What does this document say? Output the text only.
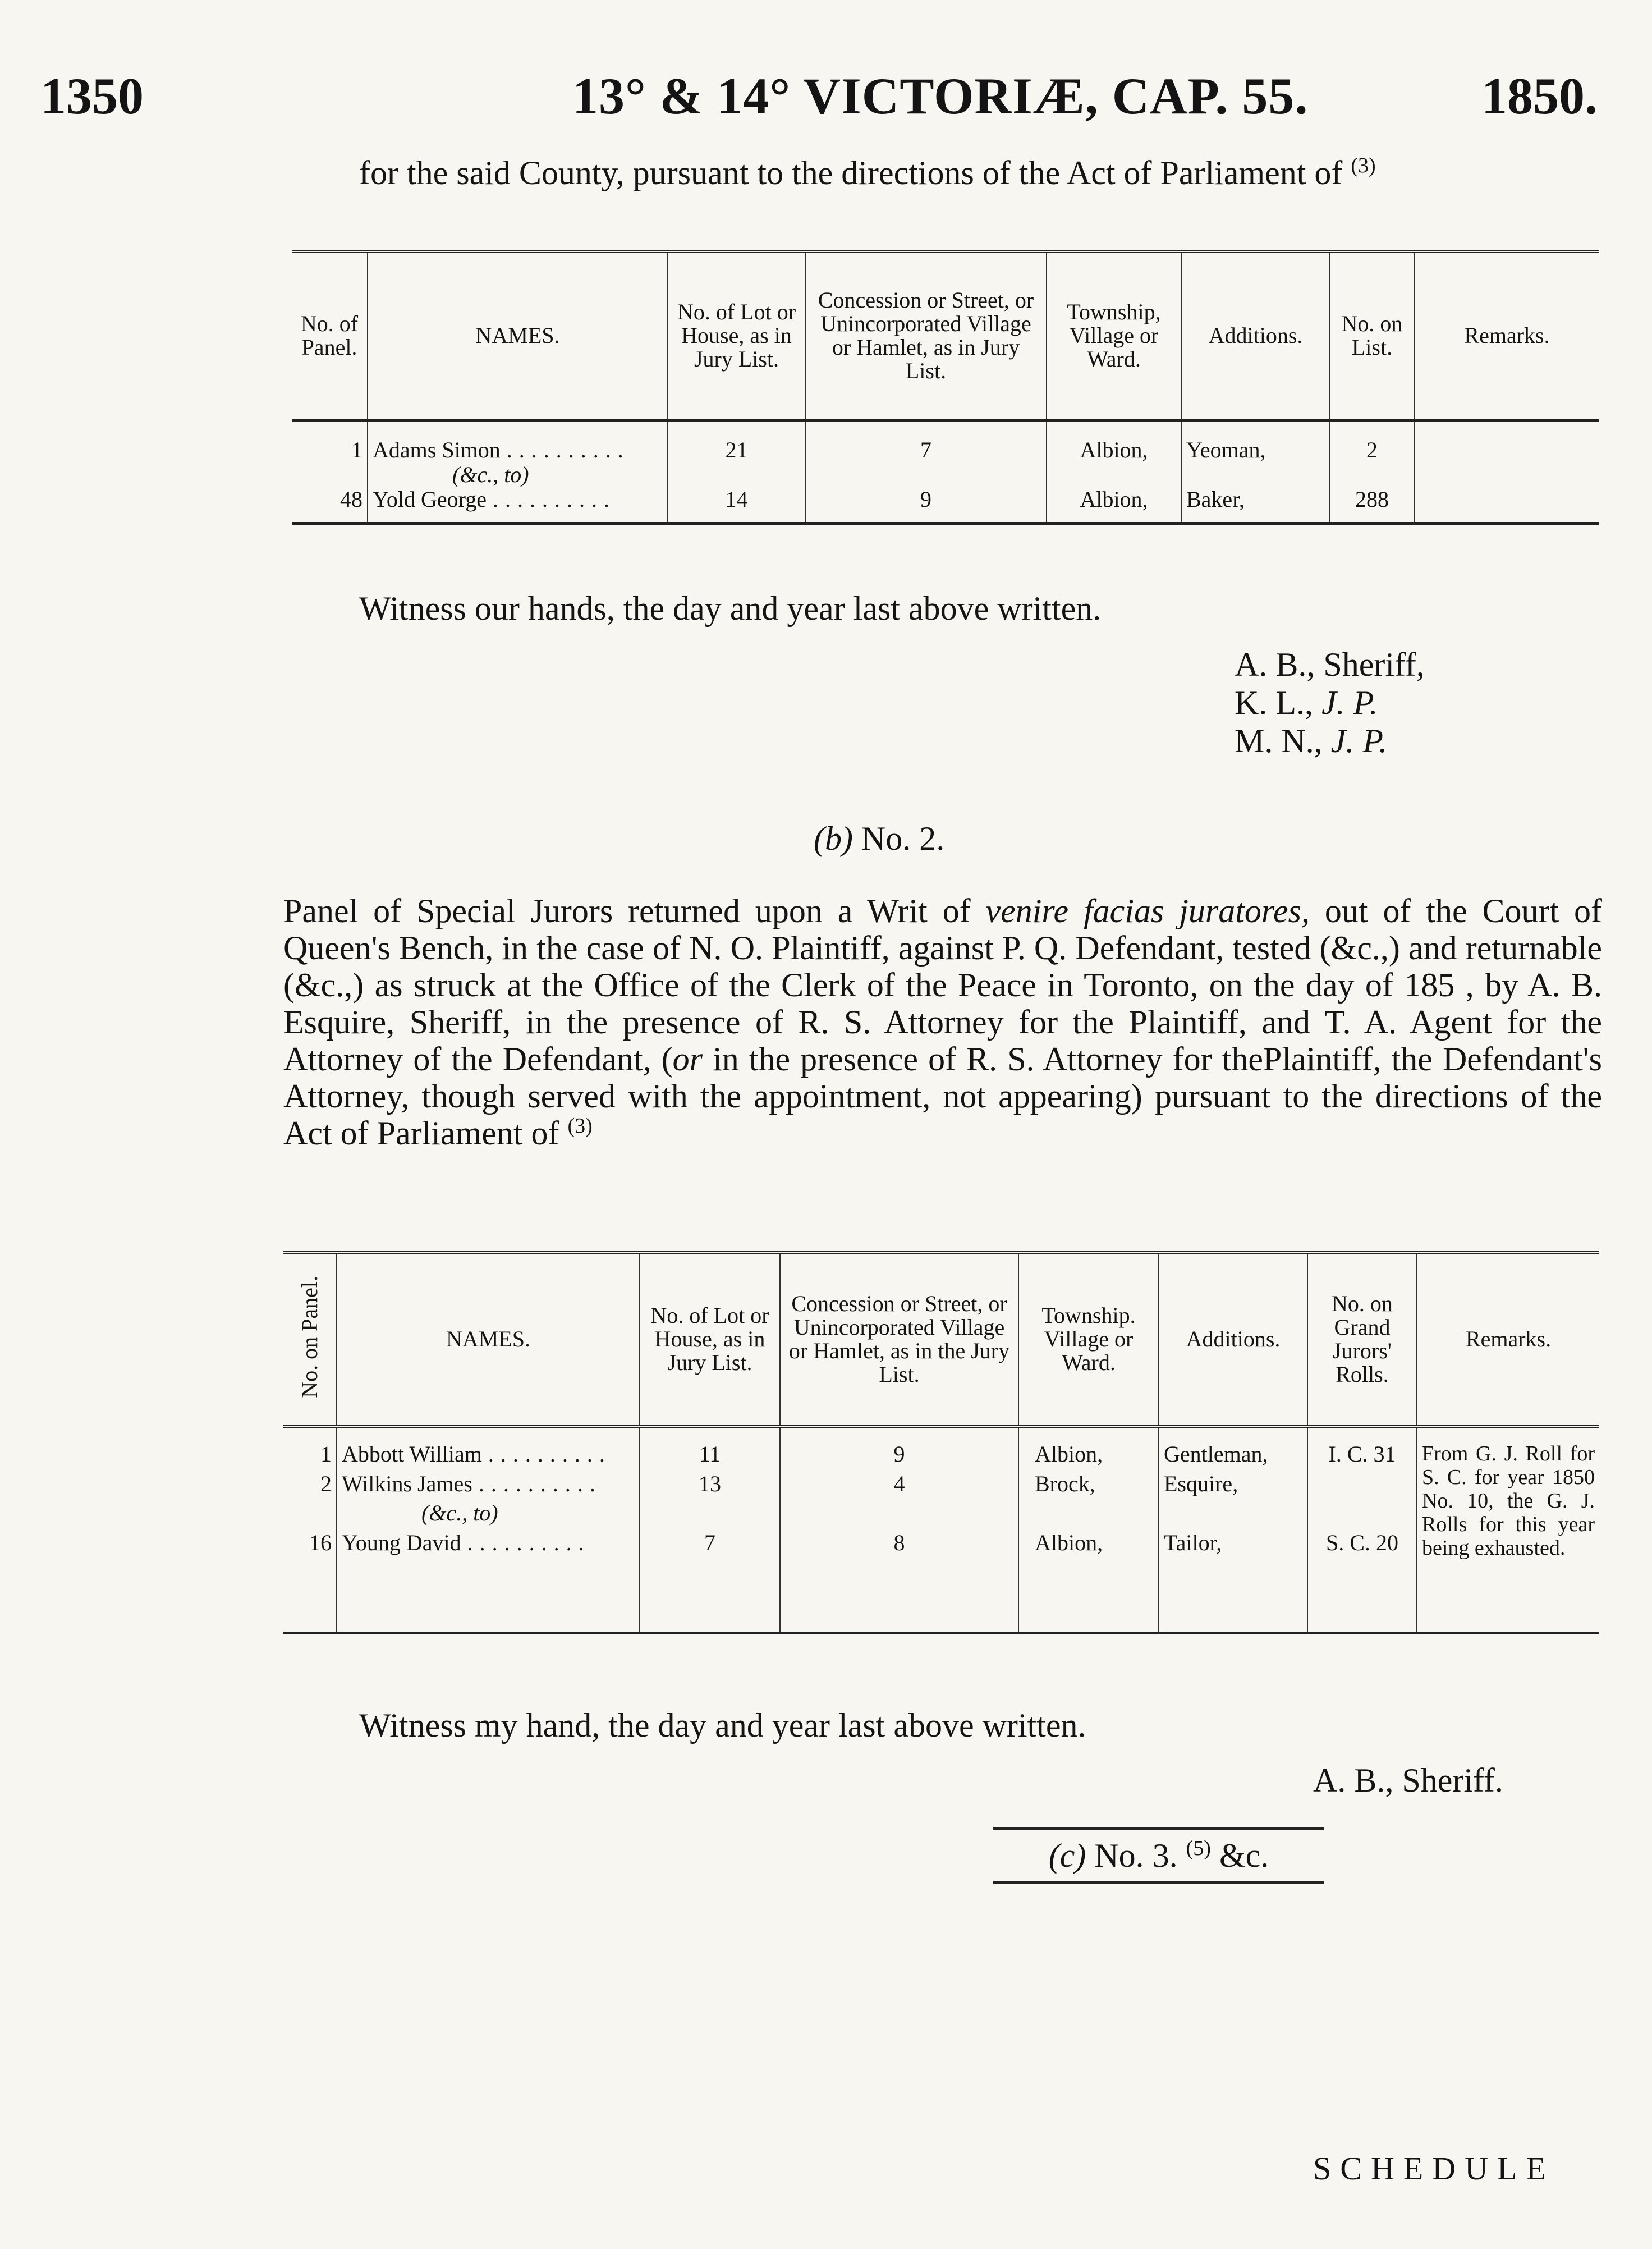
1350	13° & 14° VICTORIÆ, CAP. 55.	1850.
for the said County, pursuant to the directions of the Act of Parliament of $^{(3)}$
No. of Panel.	NAMES.	No. of Lot or House, as in Jury List.	Concession or Street, or Unincorporated Village or Hamlet, as in Jury List.	Township, Village or Ward.	Additions.	No. on List.	Remarks.

1	Adams Simon . . .	21	7	Albion,	Yeoman,	2	
	(&c., to)						
48	Yold George . . .	14	9	Albion,	Baker,	288	

Witness our hands, the day and year last above written.
A. B., Sheriff,
K. L., J. P.
M. N., J. P.
(b) No. 2.
Panel of Special Jurors returned upon a Writ of venire facias juratores, out of the Court of Queen's Bench, in the case of N. O. Plaintiff, against P. Q. Defendant, tested (&c.,) and returnable (&c.,) as struck at the Office of the Clerk of the Peace in Toronto, on the day of 185 , by A. B. Esquire, Sheriff, in the presence of R. S. Attorney for the Plaintiff, and T. A. Agent for the Attorney of the Defendant, (or in the presence of R. S. Attorney for thePlaintiff, the Defendant's Attorney, though served with the appointment, not appearing) pursuant to the directions of the Act of Parliament of $^{(3)}$
No. on Panel.	NAMES.	No. of Lot or House, as in Jury List.	Concession or Street, or Unincorporated Village or Hamlet, as in the Jury List.	Township. Village or Ward.	Additions.	No. on Grand Jurors' Rolls.	Remarks.

1	Abbott William . . .	11	9	Albion,	Gentleman,	I. C. 31	From G. J. Roll for S. C. for year 1850 No. 10, the G. J. Rolls for this year being exhausted.
2	Wilkins James . . .	13	4	Brock,	Esquire,		
	(&c., to)						
16	Young David . . .	7	8	Albion,	Tailor,	S. C. 20	

Witness my hand, the day and year last above written.
A. B., Sheriff.
(c) No. 3. $^{(5)}$ &c.
SCHEDULE
